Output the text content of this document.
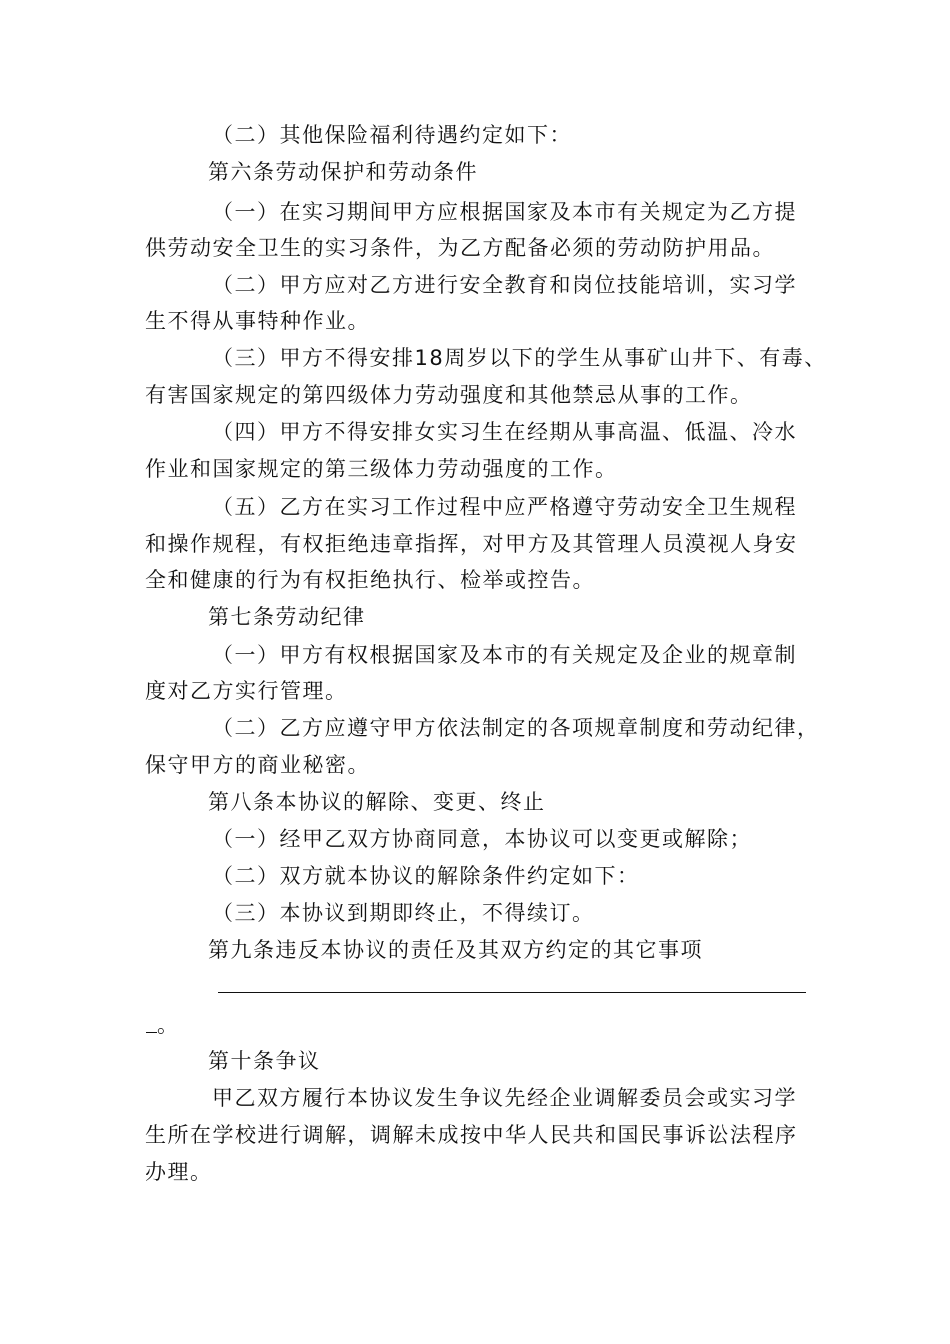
（二）其他保险福利待遇约定如下：
第六条劳动保护和劳动条件
（一）在实习期间甲方应根据国家及本市有关规定为乙方提
供劳动安全卫生的实习条件，为乙方配备必须的劳动防护用品。
（二）甲方应对乙方进行安全教育和岗位技能培训，实习学
生不得从事特种作业。
（三）甲方不得安排18周岁以下的学生从事矿山井下、有毒、
有害国家规定的第四级体力劳动强度和其他禁忌从事的工作。
（四）甲方不得安排女实习生在经期从事高温、低温、冷水
作业和国家规定的第三级体力劳动强度的工作。
（五）乙方在实习工作过程中应严格遵守劳动安全卫生规程
和操作规程，有权拒绝违章指挥，对甲方及其管理人员漠视人身安
全和健康的行为有权拒绝执行、检举或控告。
第七条劳动纪律
（一）甲方有权根据国家及本市的有关规定及企业的规章制
度对乙方实行管理。
（二）乙方应遵守甲方依法制定的各项规章制度和劳动纪律，
保守甲方的商业秘密。
第八条本协议的解除、变更、终止
（一）经甲乙双方协商同意，本协议可以变更或解除；
（二）双方就本协议的解除条件约定如下：
（三）本协议到期即终止，不得续订。
第九条违反本协议的责任及其双方约定的其它事项
。
第十条争议
甲乙双方履行本协议发生争议先经企业调解委员会或实习学
生所在学校进行调解，调解未成按中华人民共和国民事诉讼法程序
办理。
